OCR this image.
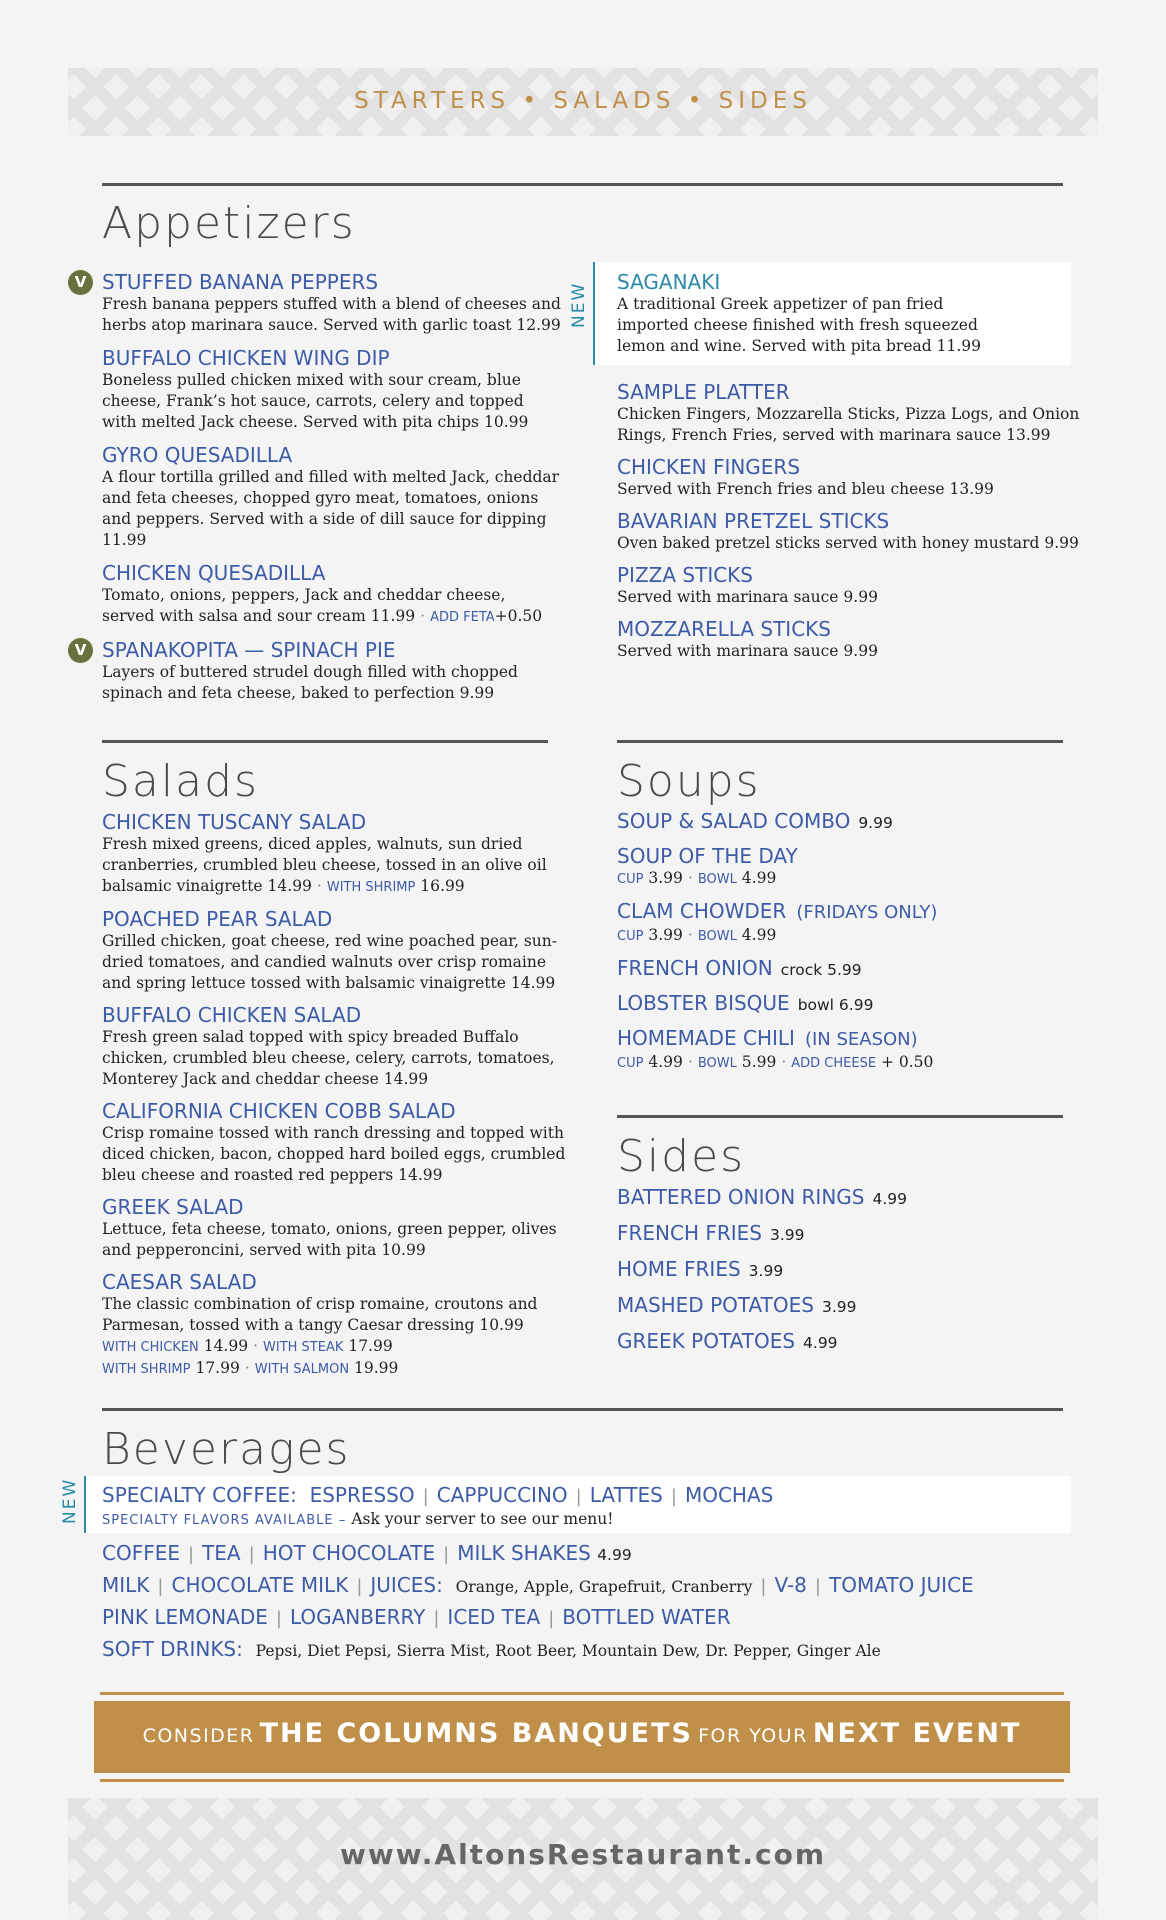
STARTERS • SALADS • SIDES
Appetizers
V STUFFED BANANA PEPPERS
Fresh banana peppers stuffed with a blend of cheeses and herbs atop marinara sauce. Served with garlic toast 12.99
BUFFALO CHICKEN WING DIP
Boneless pulled chicken mixed with sour cream, blue cheese, Frank’s hot sauce, carrots, celery and topped with melted Jack cheese. Served with pita chips 10.99
GYRO QUESADILLA
A flour tortilla grilled and filled with melted Jack, cheddar and feta cheeses, chopped gyro meat, tomatoes, onions and peppers. Served with a side of dill sauce for dipping 11.99
CHICKEN QUESADILLA
Tomato, onions, peppers, Jack and cheddar cheese, served with salsa and sour cream 11.99 · ADD FETA+0.50
V SPANAKOPITA — SPINACH PIE
Layers of buttered strudel dough filled with chopped spinach and feta cheese, baked to perfection 9.99
NEW SAGANAKI
A traditional Greek appetizer of pan fried imported cheese finished with fresh squeezed lemon and wine. Served with pita bread 11.99
SAMPLE PLATTER
Chicken Fingers, Mozzarella Sticks, Pizza Logs, and Onion Rings, French Fries, served with marinara sauce 13.99
CHICKEN FINGERS
Served with French fries and bleu cheese 13.99
BAVARIAN PRETZEL STICKS
Oven baked pretzel sticks served with honey mustard 9.99
PIZZA STICKS
Served with marinara sauce 9.99
MOZZARELLA STICKS
Served with marinara sauce 9.99
Salads
CHICKEN TUSCANY SALAD
Fresh mixed greens, diced apples, walnuts, sun dried cranberries, crumbled bleu cheese, tossed in an olive oil balsamic vinaigrette 14.99 · WITH SHRIMP 16.99
POACHED PEAR SALAD
Grilled chicken, goat cheese, red wine poached pear, sun-dried tomatoes, and candied walnuts over crisp romaine and spring lettuce tossed with balsamic vinaigrette 14.99
BUFFALO CHICKEN SALAD
Fresh green salad topped with spicy breaded Buffalo chicken, crumbled bleu cheese, celery, carrots, tomatoes, Monterey Jack and cheddar cheese 14.99
CALIFORNIA CHICKEN COBB SALAD
Crisp romaine tossed with ranch dressing and topped with diced chicken, bacon, chopped hard boiled eggs, crumbled bleu cheese and roasted red peppers 14.99
GREEK SALAD
Lettuce, feta cheese, tomato, onions, green pepper, olives and pepperoncini, served with pita 10.99
CAESAR SALAD
The classic combination of crisp romaine, croutons and Parmesan, tossed with a tangy Caesar dressing 10.99
WITH CHICKEN 14.99 · WITH STEAK 17.99
WITH SHRIMP 17.99 · WITH SALMON 19.99
Soups
SOUP & SALAD COMBO 9.99
SOUP OF THE DAY
CUP 3.99 · BOWL 4.99
CLAM CHOWDER (FRIDAYS ONLY)
CUP 3.99 · BOWL 4.99
FRENCH ONION crock 5.99
LOBSTER BISQUE bowl 6.99
HOMEMADE CHILI (IN SEASON)
CUP 4.99 · BOWL 5.99 · ADD CHEESE + 0.50
Sides
BATTERED ONION RINGS 4.99
FRENCH FRIES 3.99
HOME FRIES 3.99
MASHED POTATOES 3.99
GREEK POTATOES 4.99
Beverages
NEW SPECIALTY COFFEE: ESPRESSO | CAPPUCCINO | LATTES | MOCHAS
SPECIALTY FLAVORS AVAILABLE – Ask your server to see our menu!
COFFEE | TEA | HOT CHOCOLATE | MILK SHAKES 4.99
MILK | CHOCOLATE MILK | JUICES: Orange, Apple, Grapefruit, Cranberry | V-8 | TOMATO JUICE
PINK LEMONADE | LOGANBERRY | ICED TEA | BOTTLED WATER
SOFT DRINKS: Pepsi, Diet Pepsi, Sierra Mist, Root Beer, Mountain Dew, Dr. Pepper, Ginger Ale
CONSIDER THE COLUMNS BANQUETS FOR YOUR NEXT EVENT
www.AltonsRestaurant.com
